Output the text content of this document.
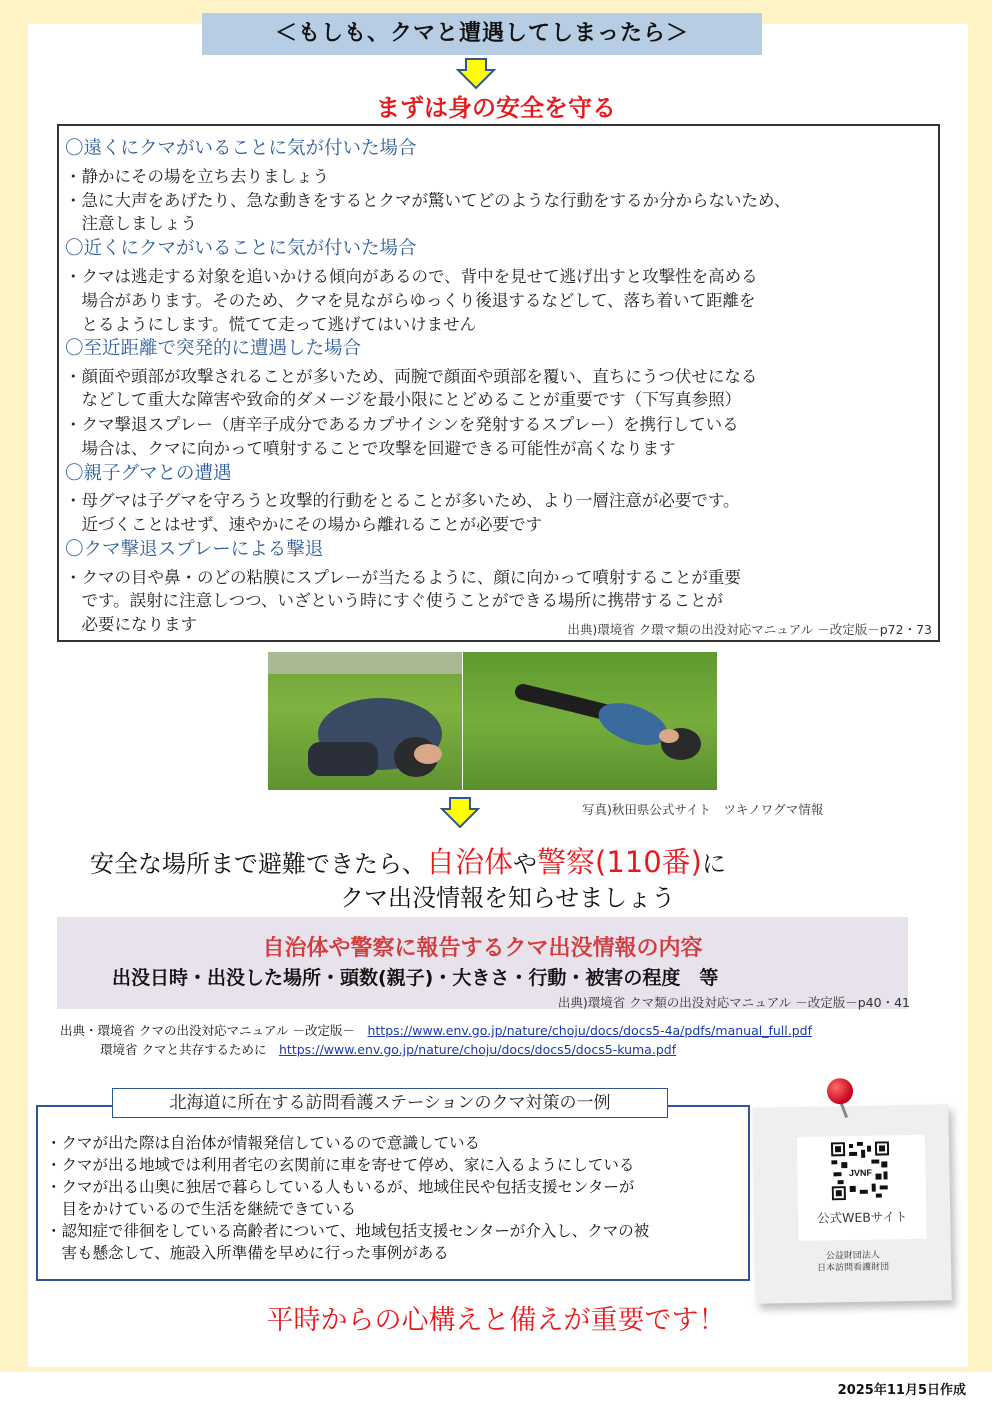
＜もしも、クマと遭遇してしまったら＞
まずは身の安全を守る
〇遠くにクマがいることに気が付いた場合
・静かにその場を立ち去りましょう
・急に大声をあげたり、急な動きをするとクマが驚いてどのような行動をするか分からないため、
　注意しましょう
〇近くにクマがいることに気が付いた場合
・クマは逃走する対象を追いかける傾向があるので、背中を見せて逃げ出すと攻撃性を高める
　場合があります。そのため、クマを見ながらゆっくり後退するなどして、落ち着いて距離を
　とるようにします。慌てて走って逃げてはいけません
〇至近距離で突発的に遭遇した場合
・顔面や頭部が攻撃されることが多いため、両腕で顔面や頭部を覆い、直ちにうつ伏せになる
　などして重大な障害や致命的ダメージを最小限にとどめることが重要です（下写真参照）
・クマ撃退スプレー（唐辛子成分であるカプサイシンを発射するスプレー）を携行している
　場合は、クマに向かって噴射することで攻撃を回避できる可能性が高くなります
〇親子グマとの遭遇
・母グマは子グマを守ろうと攻撃的行動をとることが多いため、より一層注意が必要です。
　近づくことはせず、速やかにその場から離れることが必要です
〇クマ撃退スプレーによる撃退
・クマの目や鼻・のどの粘膜にスプレーが当たるように、顔に向かって噴射することが重要
　です。誤射に注意しつつ、いざという時にすぐ使うことができる場所に携帯することが
　必要になります	出典)環境省 ク環マ類の出没対応マニュアル －改定版－p72・73
写真)秋田県公式サイト　ツキノワグマ情報
安全な場所まで避難できたら、自治体や警察(110番)に
クマ出没情報を知らせましょう
自治体や警察に報告するクマ出没情報の内容
出没日時・出没した場所・頭数(親子)・大きさ・行動・被害の程度　等
出典)環境省 クマ類の出没対応マニュアル －改定版－p40・41
出典・環境省 クマの出没対応マニュアル －改定版－　 https://www.env.go.jp/nature/choju/docs/docs5-4a/pdfs/manual_full.pdf
環境省 クマと共存するために　 https://www.env.go.jp/nature/choju/docs/docs5/docs5-kuma.pdf
・クマが出た際は自治体が情報発信しているので意識している
・クマが出る地域では利用者宅の玄関前に車を寄せて停め、家に入るようにしている
・クマが出る山奥に独居で暮らしている人もいるが、地域住民や包括支援センターが
　目をかけているので生活を継続できている
・認知症で徘徊をしている高齢者について、地域包括支援センターが介入し、クマの被
　害も懸念して、施設入所準備を早めに行った事例がある
北海道に所在する訪問看護ステーションのクマ対策の一例
JVNF
公式WEBサイト
公益財団法人
日本訪問看護財団
平時からの心構えと備えが重要です！
2025年11月5日作成
